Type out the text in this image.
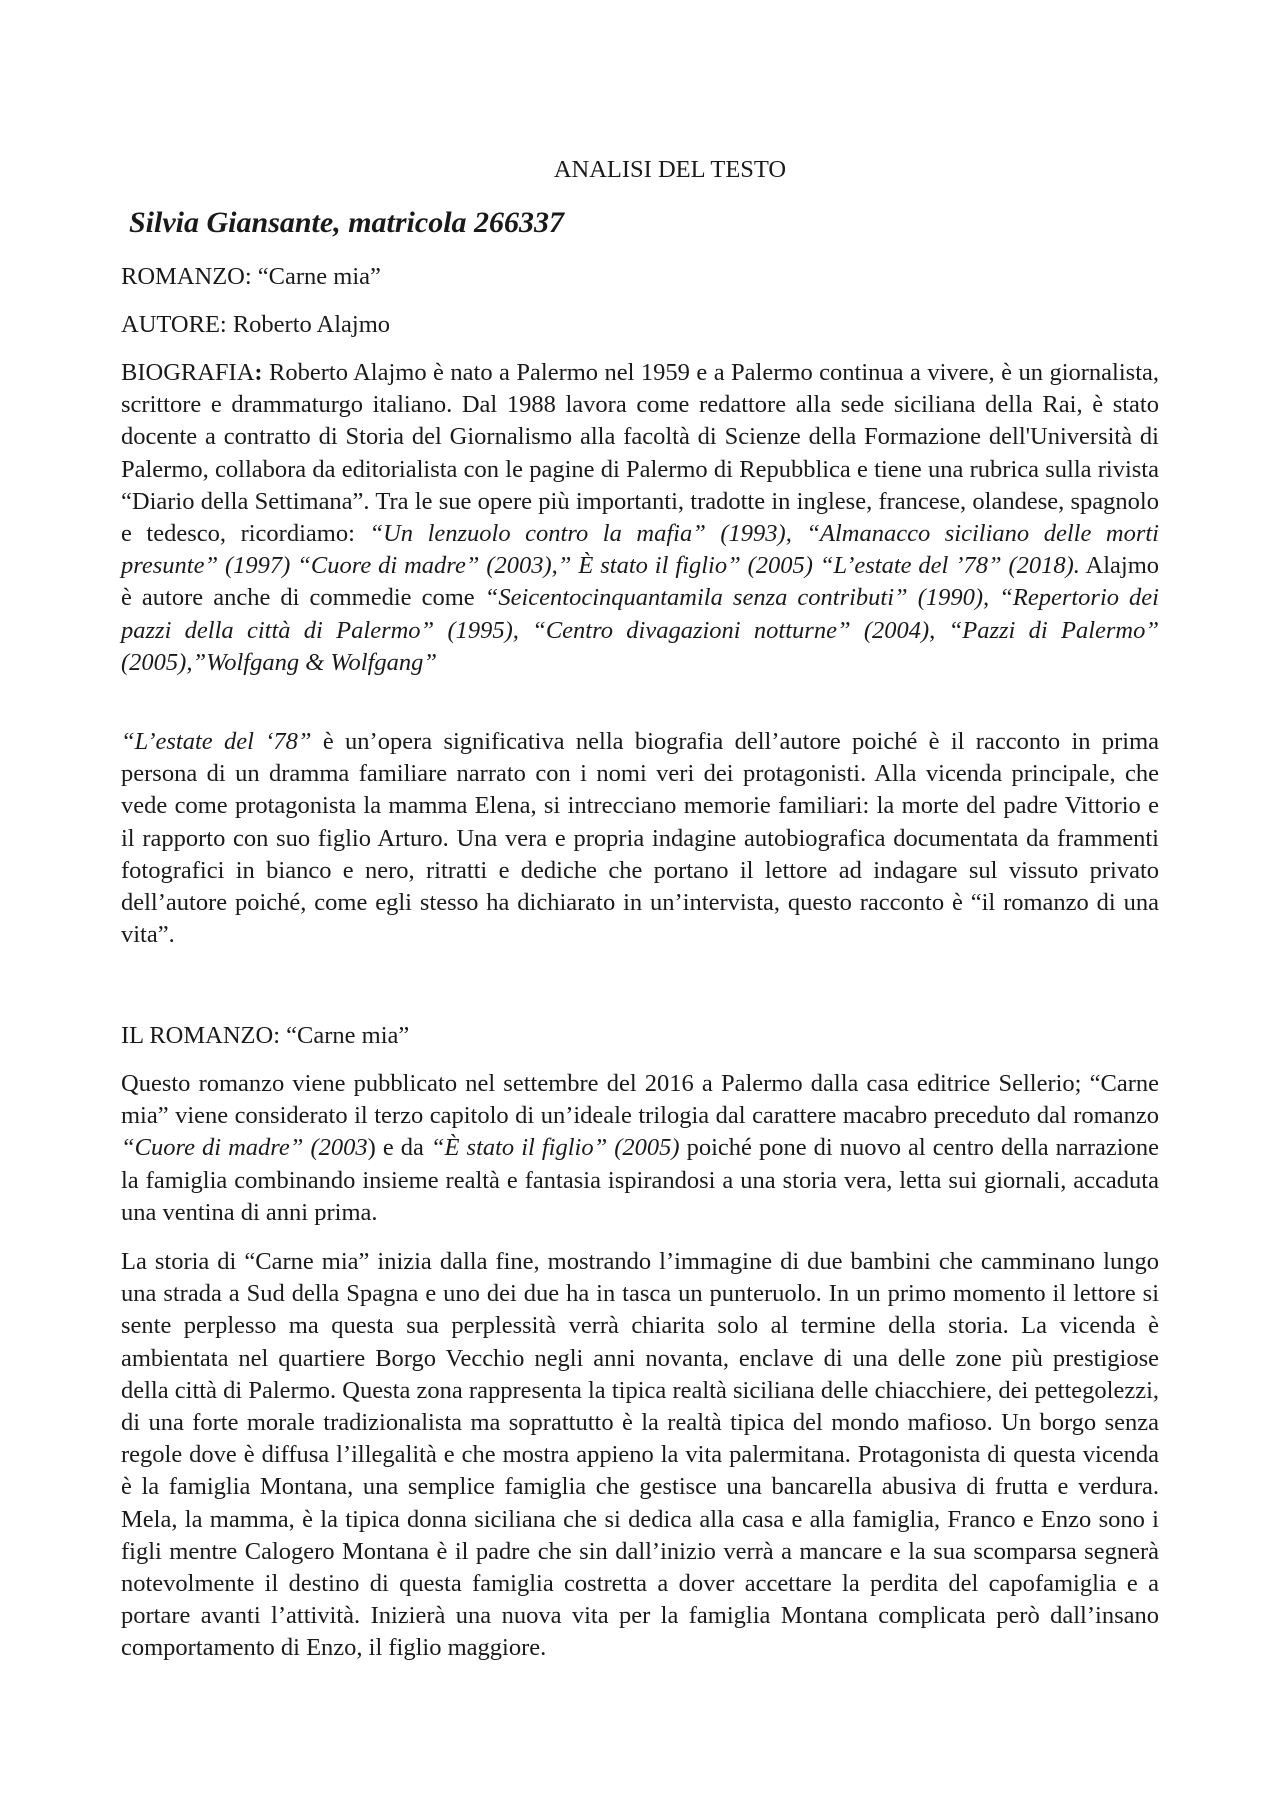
ANALISI DEL TESTO
Silvia Giansante, matricola 266337

ROMANZO: “Carne mia”

AUTORE: Roberto Alajmo

BIOGRAFIA: Roberto Alajmo è nato a Palermo nel 1959 e a Palermo continua a vivere, è un giornalista, scrittore e drammaturgo italiano. Dal 1988 lavora come redattore alla sede siciliana della Rai, è stato docente a contratto di Storia del Giornalismo alla facoltà di Scienze della Formazione dell'Università di Palermo, collabora da editorialista con le pagine di Palermo di Repubblica e tiene una rubrica sulla rivista “Diario della Settimana”. Tra le sue opere più importanti, tradotte in inglese, francese, olandese, spagnolo e tedesco, ricordiamo: “Un lenzuolo contro la mafia” (1993), “Almanacco siciliano delle morti presunte” (1997) “Cuore di madre” (2003),” È stato il figlio” (2005) “L’estate del ’78” (2018). Alajmo è autore anche di commedie come “Seicentocinquantamila senza contributi” (1990), “Repertorio dei pazzi della città di Palermo” (1995), “Centro divagazioni notturne” (2004), “Pazzi di Palermo” (2005),”Wolfgang & Wolfgang”

“L’estate del ‘78” è un’opera significativa nella biografia dell’autore poiché è il racconto in prima persona di un dramma familiare narrato con i nomi veri dei protagonisti. Alla vicenda principale, che vede come protagonista la mamma Elena, si intrecciano memorie familiari: la morte del padre Vittorio e il rapporto con suo figlio Arturo. Una vera e propria indagine autobiografica documentata da frammenti fotografici in bianco e nero, ritratti e dediche che portano il lettore ad indagare sul vissuto privato dell’autore poiché, come egli stesso ha dichiarato in un’intervista, questo racconto è “il romanzo di una vita”.

IL ROMANZO: “Carne mia”

Questo romanzo viene pubblicato nel settembre del 2016 a Palermo dalla casa editrice Sellerio; “Carne mia” viene considerato il terzo capitolo di un’ideale trilogia dal carattere macabro preceduto dal romanzo “Cuore di madre” (2003) e da “È stato il figlio” (2005) poiché pone di nuovo al centro della narrazione la famiglia combinando insieme realtà e fantasia ispirandosi a una storia vera, letta sui giornali, accaduta una ventina di anni prima.

La storia di “Carne mia” inizia dalla fine, mostrando l’immagine di due bambini che camminano lungo una strada a Sud della Spagna e uno dei due ha in tasca un punteruolo. In un primo momento il lettore si sente perplesso ma questa sua perplessità verrà chiarita solo al termine della storia. La vicenda è ambientata nel quartiere Borgo Vecchio negli anni novanta, enclave di una delle zone più prestigiose della città di Palermo. Questa zona rappresenta la tipica realtà siciliana delle chiacchiere, dei pettegolezzi, di una forte morale tradizionalista ma soprattutto è la realtà tipica del mondo mafioso. Un borgo senza regole dove è diffusa l’illegalità e che mostra appieno la vita palermitana. Protagonista di questa vicenda è la famiglia Montana, una semplice famiglia che gestisce una bancarella abusiva di frutta e verdura. Mela, la mamma, è la tipica donna siciliana che si dedica alla casa e alla famiglia, Franco e Enzo sono i figli mentre Calogero Montana è il padre che sin dall’inizio verrà a mancare e la sua scomparsa segnerà notevolmente il destino di questa famiglia costretta a dover accettare la perdita del capofamiglia e a portare avanti l’attività. Inizierà una nuova vita per la famiglia Montana complicata però dall’insano comportamento di Enzo, il figlio maggiore.
